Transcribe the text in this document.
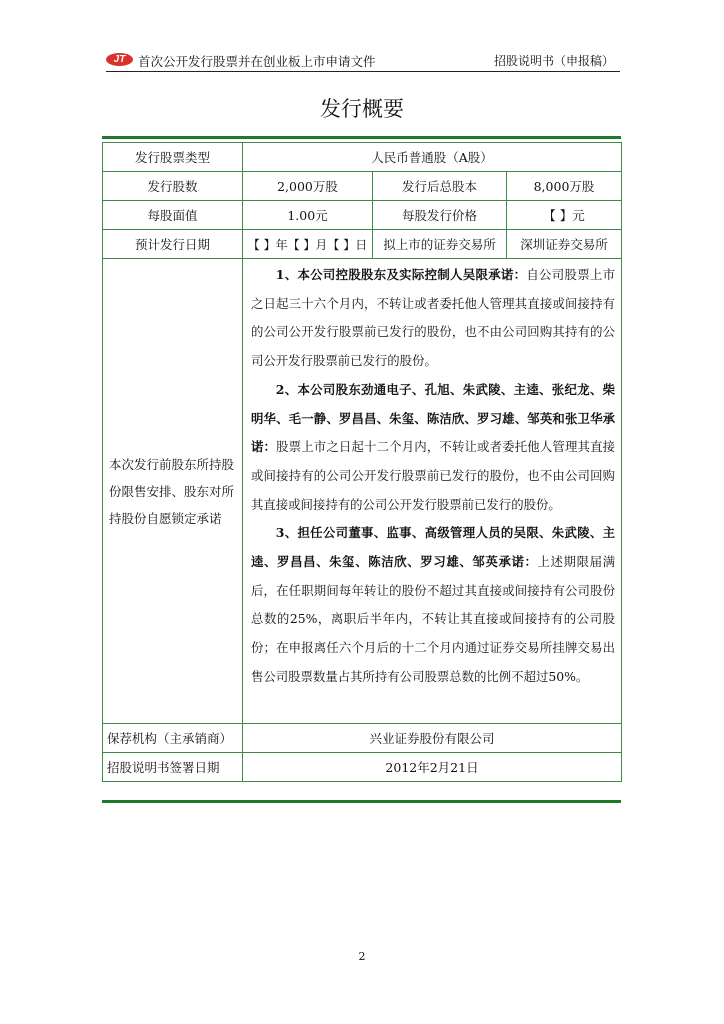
JT	首次公开发行股票并在创业板上市申请文件	招股说明书（申报稿）
发行概要
发行股票类型	人民币普通股（A股）		
发行股数	2,000万股	发行后总股本	8,000万股
每股面值	1.00元	每股发行价格	【 】元
预计发行日期	【 】年【 】月【 】日	拟上市的证券交易所	深圳证券交易所
本次发行前股东所持股份限售安排、股东对所持股份自愿锁定承诺	1、本公司控股股东及实际控制人吴限承诺：自公司股票上市之日起三十六个月内，不转让或者委托他人管理其直接或间接持有的公司公开发行股票前已发行的股份，也不由公司回购其持有的公司公开发行股票前已发行的股份。

2、本公司股东劲通电子、孔旭、朱武陵、主逵、张纪龙、柴明华、毛一静、罗昌昌、朱玺、陈洁欣、罗习雄、邹英和张卫华承诺：股票上市之日起十二个月内，不转让或者委托他人管理其直接或间接持有的公司公开发行股票前已发行的股份，也不由公司回购其直接或间接持有的公司公开发行股票前已发行的股份。

3、担任公司董事、监事、高级管理人员的吴限、朱武陵、主逵、罗昌昌、朱玺、陈洁欣、罗习雄、邹英承诺：上述期限届满后，在任职期间每年转让的股份不超过其直接或间接持有公司股份总数的25%，离职后半年内，不转让其直接或间接持有的公司股份；在申报离任六个月后的十二个月内通过证券交易所挂牌交易出售公司股票数量占其所持有公司股票总数的比例不超过50%。		

保荐机构（主承销商）	兴业证券股份有限公司		
招股说明书签署日期	2012年2月21日		
2
